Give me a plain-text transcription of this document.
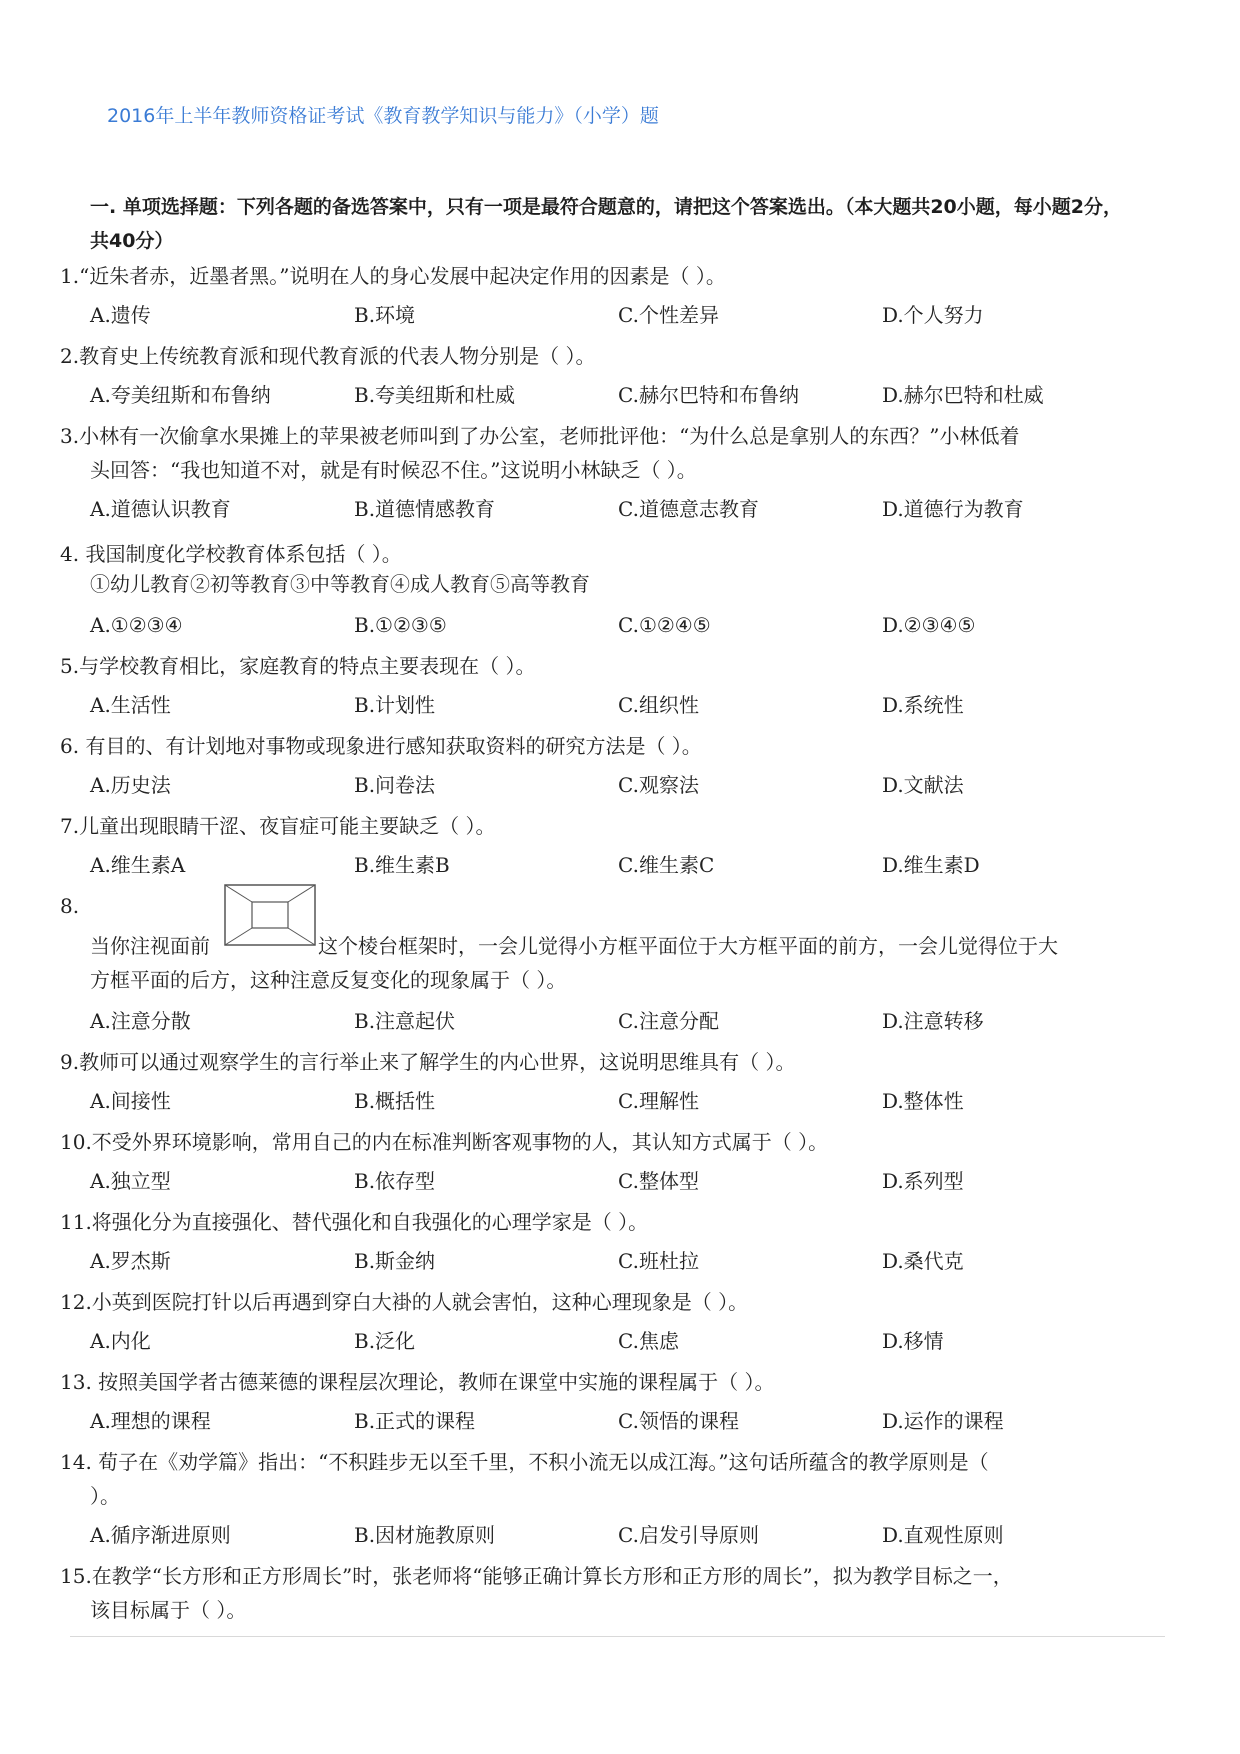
2016年上半年教师资格证考试《教育教学知识与能力》（小学）题
一. 单项选择题：下列各题的备选答案中，只有一项是最符合题意的，请把这个答案选出。（本大题共20小题，每小题2分，共40分）
1.“近朱者赤，近墨者黑。”说明在人的身心发展中起决定作用的因素是（ ）。
A.遗传	B.环境	C.个性差异	D.个人努力
2.教育史上传统教育派和现代教育派的代表人物分别是（ ）。
A.夸美纽斯和布鲁纳	B.夸美纽斯和杜威	C.赫尔巴特和布鲁纳	D.赫尔巴特和杜威
3.小林有一次偷拿水果摊上的苹果被老师叫到了办公室，老师批评他：“为什么总是拿别人的东西？”小林低着
头回答：“我也知道不对，就是有时候忍不住。”这说明小林缺乏（ ）。
A.道德认识教育	B.道德情感教育	C.道德意志教育	D.道德行为教育
4. 我国制度化学校教育体系包括（ ）。
①幼儿教育②初等教育③中等教育④成人教育⑤高等教育
A.①②③④	B.①②③⑤	C.①②④⑤	D.②③④⑤
5.与学校教育相比，家庭教育的特点主要表现在（ ）。
A.生活性	B.计划性	C.组织性	D.系统性
6. 有目的、有计划地对事物或现象进行感知获取资料的研究方法是（ ）。
A.历史法	B.问卷法	C.观察法	D.文献法
7.儿童出现眼睛干涩、夜盲症可能主要缺乏（ ）。
A.维生素A	B.维生素B	C.维生素C	D.维生素D
8.
当你注视面前	这个棱台框架时，一会儿觉得小方框平面位于大方框平面的前方，一会儿觉得位于大
方框平面的后方，这种注意反复变化的现象属于（ ）。
A.注意分散	B.注意起伏	C.注意分配	D.注意转移
9.教师可以通过观察学生的言行举止来了解学生的内心世界，这说明思维具有（ ）。
A.间接性	B.概括性	C.理解性	D.整体性
10.不受外界环境影响，常用自己的内在标准判断客观事物的人，其认知方式属于（ ）。
A.独立型	B.依存型	C.整体型	D.系列型
11.将强化分为直接强化、替代强化和自我强化的心理学家是（ ）。
A.罗杰斯	B.斯金纳	C.班杜拉	D.桑代克
12.小英到医院打针以后再遇到穿白大褂的人就会害怕，这种心理现象是（ ）。
A.内化	B.泛化	C.焦虑	D.移情
13. 按照美国学者古德莱德的课程层次理论，教师在课堂中实施的课程属于（ ）。
A.理想的课程	B.正式的课程	C.领悟的课程	D.运作的课程
14. 荀子在《劝学篇》指出：“不积跬步无以至千里，不积小流无以成江海。”这句话所蕴含的教学原则是（
）。
A.循序渐进原则	B.因材施教原则	C.启发引导原则	D.直观性原则
15.在教学“长方形和正方形周长”时，张老师将“能够正确计算长方形和正方形的周长”，拟为教学目标之一，
该目标属于（ ）。
